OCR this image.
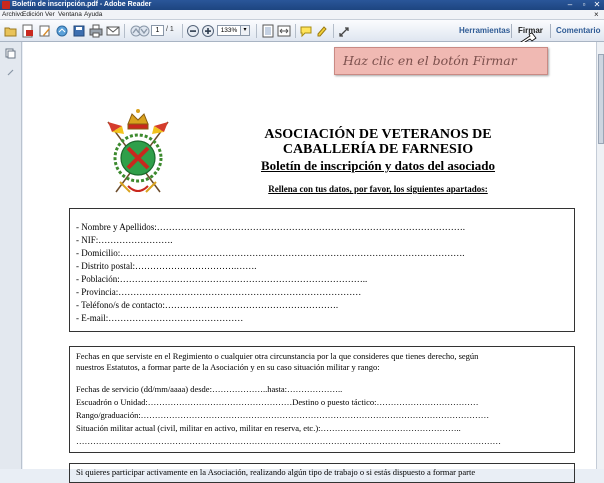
Boletín de inscripción.pdf - Adobe Reader	–	▫	✕
Archivo
Edición Ver Ventana Ayuda	×
1 / 1	133%	▾	Herramientas Firmar Comentario
Haz clic en el botón Firmar
ASOCIACIÓN DE VETERANOS DE
CABALLERÍA DE FARNESIO
Boletín de inscripción y datos del asociado
Rellena con tus datos, por favor, los siguientes apartados:
- Nombre y Apellidos:………………………………………………………………………………………….
- NIF:…………………….
- Domicilio:…………………………………………………………………………………………………….
- Distrito postal:…………………………….…….
- Población:………………………………………………………………………..
- Provincia:………………………………………………………………………
- Teléfono/s de contacto:………………………………………………….
- E-mail:………………………………………
Fechas en que serviste en el Regimiento o cualquier otra circunstancia por la que consideres que tienes derecho, según
nuestros Estatutos, a formar parte de la Asociación y en su caso situación militar y rango:
Fechas de servicio (dd/mm/aaaa) desde:………………..hasta:………………..
Escuadrón o Unidad:……………………………………………Destino o puesto táctico:………………………………
Rango/graduación:……………………………………………………………………………………………………………
Situación militar actual (civil, militar en activo, militar en reserva, etc.):…………………………………………..
……………………………………………………………………………………………………………………………………
Si quieres participar activamente en la Asociación, realizando algún tipo de trabajo o si estás dispuesto a formar parte
